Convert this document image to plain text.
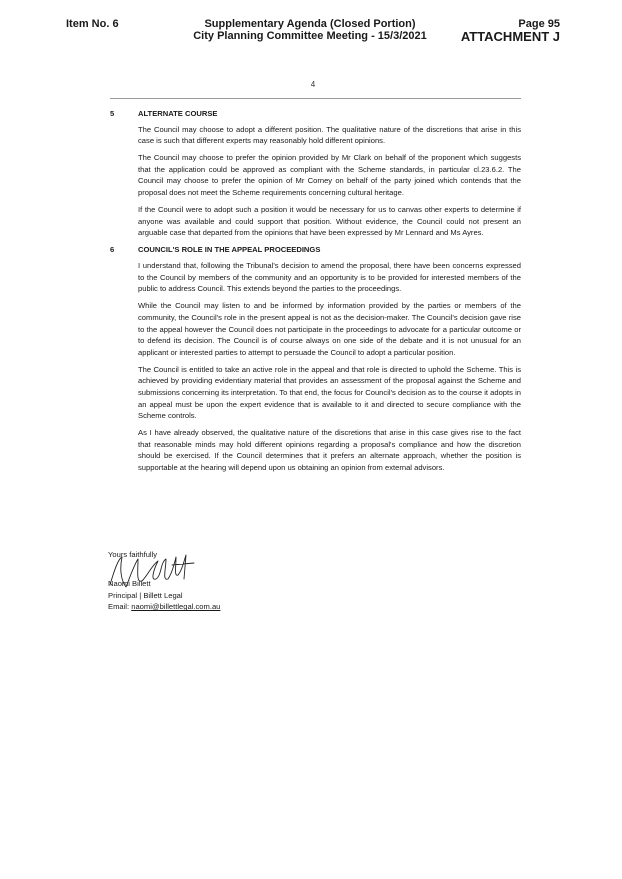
Item No. 6	Supplementary Agenda (Closed Portion)
City Planning Committee Meeting - 15/3/2021
Page 95
ATTACHMENT J
4
5	ALTERNATE COURSE

The Council may choose to adopt a different position. The qualitative nature of the discretions that arise in this case is such that different experts may reasonably hold different opinions.

The Council may choose to prefer the opinion provided by Mr Clark on behalf of the proponent which suggests that the application could be approved as compliant with the Scheme standards, in particular cl.23.6.2. The Council may choose to prefer the opinion of Mr Corney on behalf of the party joined which contends that the proposal does not meet the Scheme requirements concerning cultural heritage.

If the Council were to adopt such a position it would be necessary for us to canvas other experts to determine if anyone was available and could support that position. Without evidence, the Council could not present an arguable case that departed from the opinions that have been expressed by Mr Lennard and Ms Ayres.

6	COUNCIL'S ROLE IN THE APPEAL PROCEEDINGS

I understand that, following the Tribunal's decision to amend the proposal, there have been concerns expressed to the Council by members of the community and an opportunity is to be provided for interested members of the public to address Council. This extends beyond the parties to the proceedings.

While the Council may listen to and be informed by information provided by the parties or members of the community, the Council's role in the present appeal is not as the decision-maker. The Council's decision gave rise to the appeal however the Council does not participate in the proceedings to advocate for a particular outcome or to defend its decision. The Council is of course always on one side of the debate and it is not unusual for an applicant or interested parties to attempt to persuade the Council to adopt a particular position.

The Council is entitled to take an active role in the appeal and that role is directed to uphold the Scheme. This is achieved by providing evidentiary material that provides an assessment of the proposal against the Scheme and submissions concerning its interpretation. To that end, the focus for Council's decision as to the course it adopts in an appeal must be upon the expert evidence that is available to it and directed to secure compliance with the Scheme controls.

As I have already observed, the qualitative nature of the discretions that arise in this case gives rise to the fact that reasonable minds may hold different opinions regarding a proposal's compliance and how the discretion should be exercised. If the Council determines that it prefers an alternate approach, whether the position is supportable at the hearing will depend upon us obtaining an opinion from external advisors.

Yours faithfully
Naomi Billett
Principal | Billett Legal
Email: naomi@billettlegal.com.au
